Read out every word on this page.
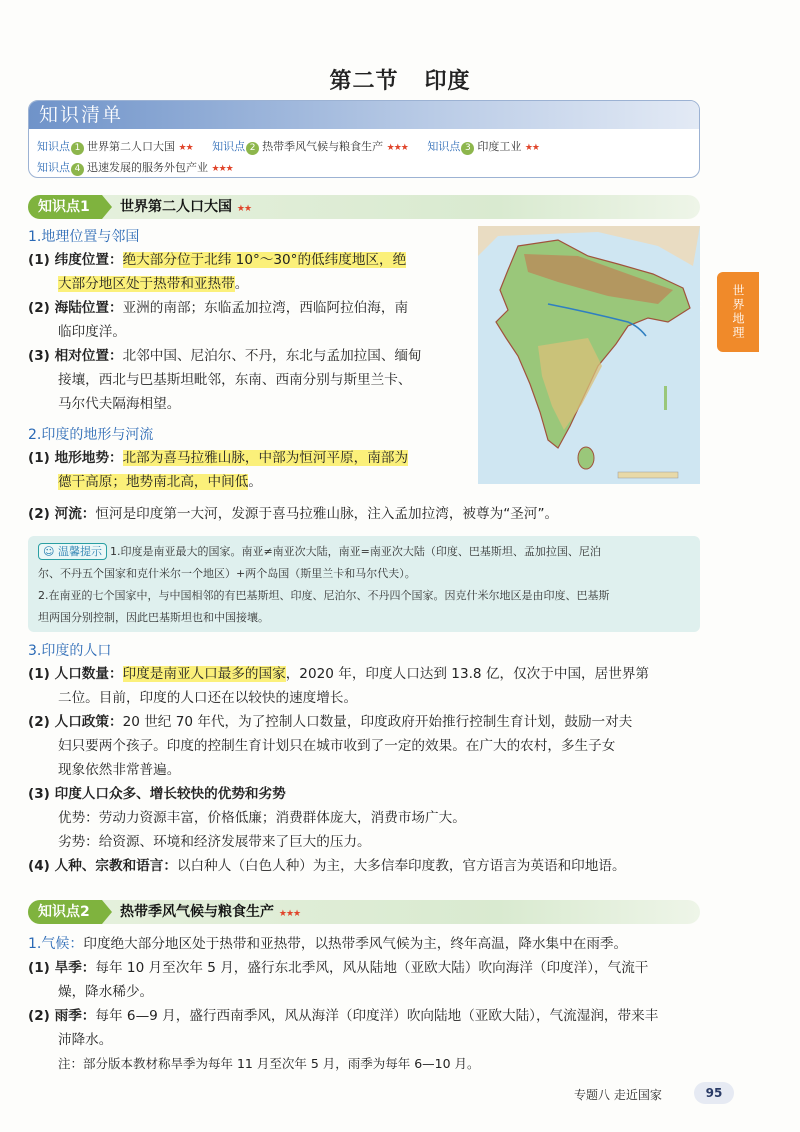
第二节 印度
知识清单
知识点 1 世界第二人口大国 ★★ 知识点 2 热带季风气候与粮食生产 ★★★ 知识点 3 印度工业 ★★
知识点 4 迅速发展的服务外包产业 ★★★
世界地理
知识点1	世界第二人口大国 ★★
1.地理位置与邻国
(1) 纬度位置：绝大部分位于北纬 10°～30°的低纬度地区，绝
大部分地区处于热带和亚热带。
(2) 海陆位置：亚洲的南部；东临孟加拉湾，西临阿拉伯海，南
临印度洋。
(3) 相对位置：北邻中国、尼泊尔、不丹，东北与孟加拉国、缅甸
接壤，西北与巴基斯坦毗邻，东南、西南分别与斯里兰卡、
马尔代夫隔海相望。
2.印度的地形与河流
(1) 地形地势：北部为喜马拉雅山脉，中部为恒河平原，南部为
德干高原；地势南北高，中间低。
(2) 河流：恒河是印度第一大河，发源于喜马拉雅山脉，注入孟加拉湾，被尊为“圣河”。
☺ 温馨提示 1.印度是南亚最大的国家。南亚≠南亚次大陆，南亚=南亚次大陆（印度、巴基斯坦、孟加拉国、尼泊
尔、不丹五个国家和克什米尔一个地区）+两个岛国（斯里兰卡和马尔代夫）。
2.在南亚的七个国家中，与中国相邻的有巴基斯坦、印度、尼泊尔、不丹四个国家。因克什米尔地区是由印度、巴基斯
坦两国分别控制，因此巴基斯坦也和中国接壤。
3.印度的人口
(1) 人口数量：印度是南亚人口最多的国家，2020 年，印度人口达到 13.8 亿，仅次于中国，居世界第
二位。目前，印度的人口还在以较快的速度增长。
(2) 人口政策：20 世纪 70 年代，为了控制人口数量，印度政府开始推行控制生育计划，鼓励一对夫
妇只要两个孩子。印度的控制生育计划只在城市收到了一定的效果。在广大的农村，多生子女
现象依然非常普遍。
(3) 印度人口众多、增长较快的优势和劣势
优势：劳动力资源丰富，价格低廉；消费群体庞大，消费市场广大。
劣势：给资源、环境和经济发展带来了巨大的压力。
(4) 人种、宗教和语言：以白种人（白色人种）为主，大多信奉印度教，官方语言为英语和印地语。
知识点2	热带季风气候与粮食生产 ★★★
1.气候：印度绝大部分地区处于热带和亚热带，以热带季风气候为主，终年高温，降水集中在雨季。
(1) 旱季：每年 10 月至次年 5 月，盛行东北季风，风从陆地（亚欧大陆）吹向海洋（印度洋），气流干
燥，降水稀少。
(2) 雨季：每年 6—9 月，盛行西南季风，风从海洋（印度洋）吹向陆地（亚欧大陆），气流湿润，带来丰
沛降水。
注：部分版本教材称旱季为每年 11 月至次年 5 月，雨季为每年 6—10 月。
专题八 走近国家	95
